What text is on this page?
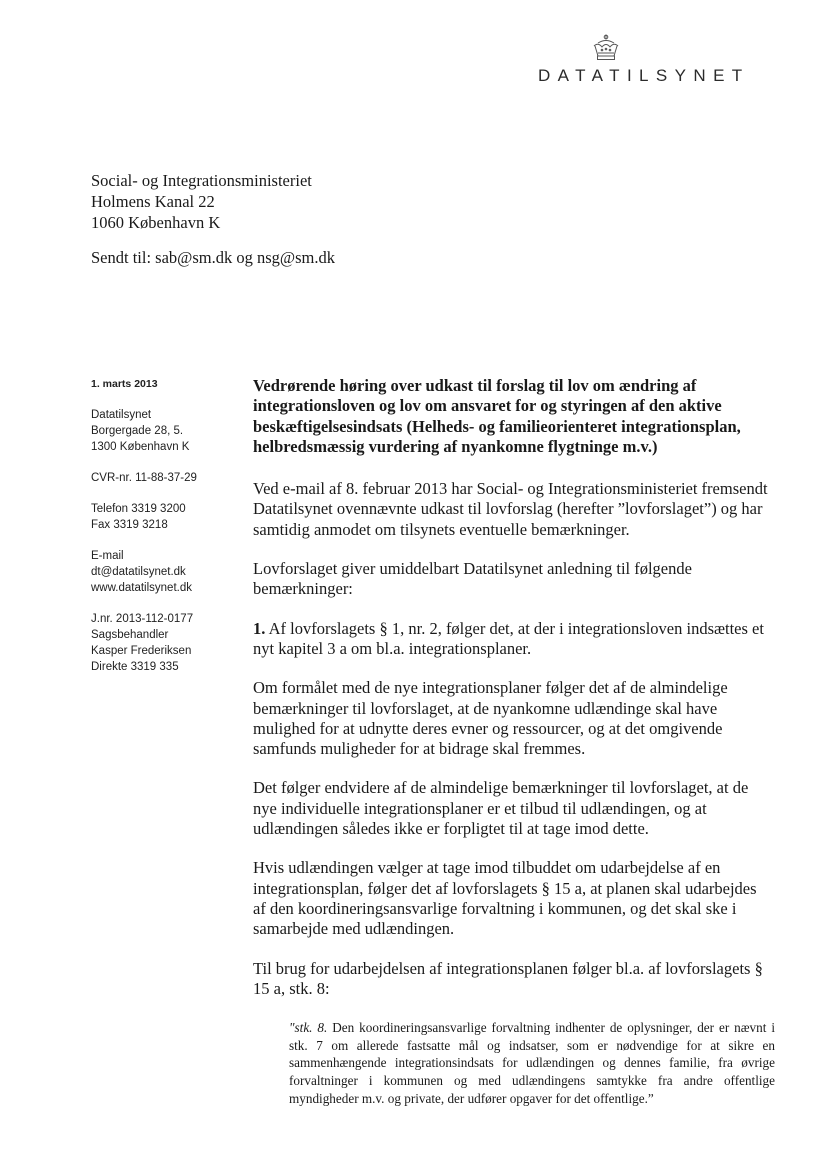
DATATILSYNET
Social- og Integrationsministeriet
Holmens Kanal 22
1060 København K
Sendt til: sab@sm.dk og nsg@sm.dk
1. marts 2013
Datatilsynet
Borgergade 28, 5.
1300 København K
CVR-nr. 11-88-37-29
Telefon 3319 3200
Fax 3319 3218
E-mail
dt@datatilsynet.dk
www.datatilsynet.dk
J.nr. 2013-112-0177
Sagsbehandler
Kasper Frederiksen
Direkte 3319 335

Vedrørende høring over udkast til forslag til lov om ændring af integrationsloven og lov om ansvaret for og styringen af den aktive beskæftigelsesindsats (Helheds- og familieorienteret integrationsplan, helbredsmæssig vurdering af nyankomne flygtninge m.v.)

Ved e-mail af 8. februar 2013 har Social- og Integrationsministeriet fremsendt Datatilsynet ovennævnte udkast til lovforslag (herefter ”lovforslaget”) og har samtidig anmodet om tilsynets eventuelle bemærkninger.

Lovforslaget giver umiddelbart Datatilsynet anledning til følgende bemærkninger:

1. Af lovforslagets § 1, nr. 2, følger det, at der i integrationsloven indsættes et nyt kapitel 3 a om bl.a. integrationsplaner.

Om formålet med de nye integrationsplaner følger det af de almindelige bemærkninger til lovforslaget, at de nyankomne udlændinge skal have mulighed for at udnytte deres evner og ressourcer, og at det omgivende samfunds muligheder for at bidrage skal fremmes.

Det følger endvidere af de almindelige bemærkninger til lovforslaget, at de nye individuelle integrationsplaner er et tilbud til udlændingen, og at udlændingen således ikke er forpligtet til at tage imod dette.

Hvis udlændingen vælger at tage imod tilbuddet om udarbejdelse af en integrationsplan, følger det af lovforslagets § 15 a, at planen skal udarbejdes af den koordineringsansvarlige forvaltning i kommunen, og det skal ske i samarbejde med udlændingen.

Til brug for udarbejdelsen af integrationsplanen følger bl.a. af lovforslagets § 15 a, stk. 8:

"stk. 8. Den koordineringsansvarlige forvaltning indhenter de oplysninger, der er nævnt i stk. 7 om allerede fastsatte mål og indsatser, som er nødvendige for at sikre en sammenhængende integrationsindsats for udlændingen og dennes familie, fra øvrige forvaltninger i kommunen og med udlændingens samtykke fra andre offentlige myndigheder m.v. og private, der udfører opgaver for det offentlige.”
